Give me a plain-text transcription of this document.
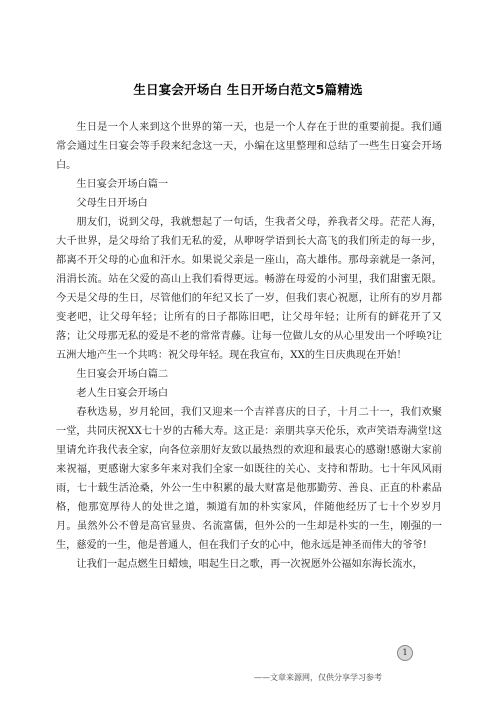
生日宴会开场白 生日开场白范文5篇精选

生日是一个人来到这个世界的第一天，也是一个人存在于世的重要前提。我们通常会通过生日宴会等手段来纪念这一天，小编在这里整理和总结了一些生日宴会开场白。

生日宴会开场白篇一

父母生日开场白

朋友们，说到父母，我就想起了一句话，生我者父母，养我者父母。茫茫人海，大千世界，是父母给了我们无私的爱，从咿呀学语到长大高飞的我们所走的每一步，都离不开父母的心血和汗水。如果说父亲是一座山，高大雄伟。那母亲就是一条河，涓涓长流。站在父爱的高山上我们看得更远。畅游在母爱的小河里，我们甜蜜无限。今天是父母的生日，尽管他们的年纪又长了一岁，但我们衷心祝愿，让所有的岁月都变老吧，让父母年轻；让所有的日子都陈旧吧，让父母年轻；让所有的鲜花开了又落；让父母那无私的爱是不老的常常青藤。让每一位做儿女的从心里发出一个呼唤?让五洲大地产生一个共鸣：祝父母年轻。现在我宣布，XX的生日庆典现在开始！

生日宴会开场白篇二

老人生日宴会开场白

春秋迭易，岁月轮回，我们又迎来一个吉祥喜庆的日子，十月二十一，我们欢聚一堂，共同庆祝XX七十岁的古稀大寿。这正是：亲朋共享天伦乐，欢声笑语寿满堂!这里请允许我代表全家，向各位亲朋好友致以最热烈的欢迎和最衷心的感谢!感谢大家前来祝福，更感谢大家多年来对我们全家一如既往的关心、支持和帮助。七十年风风雨雨，七十载生活沧桑，外公一生中积累的最大财富是他那勤劳、善良、正直的朴素品格，他那宽厚待人的处世之道，频道有加的朴实家风，伴随他经历了七十个岁岁月月。虽然外公不曾是高官显贵、名流富儒，但外公的一生却是朴实的一生，刚强的一生，慈爱的一生，他是普通人，但在我们子女的心中，他永远是神圣而伟大的爷爷!

让我们一起点燃生日蜡烛，唱起生日之歌，再一次祝愿外公福如东海长流水，

1
——文章来源网，仅供分享学习参考
